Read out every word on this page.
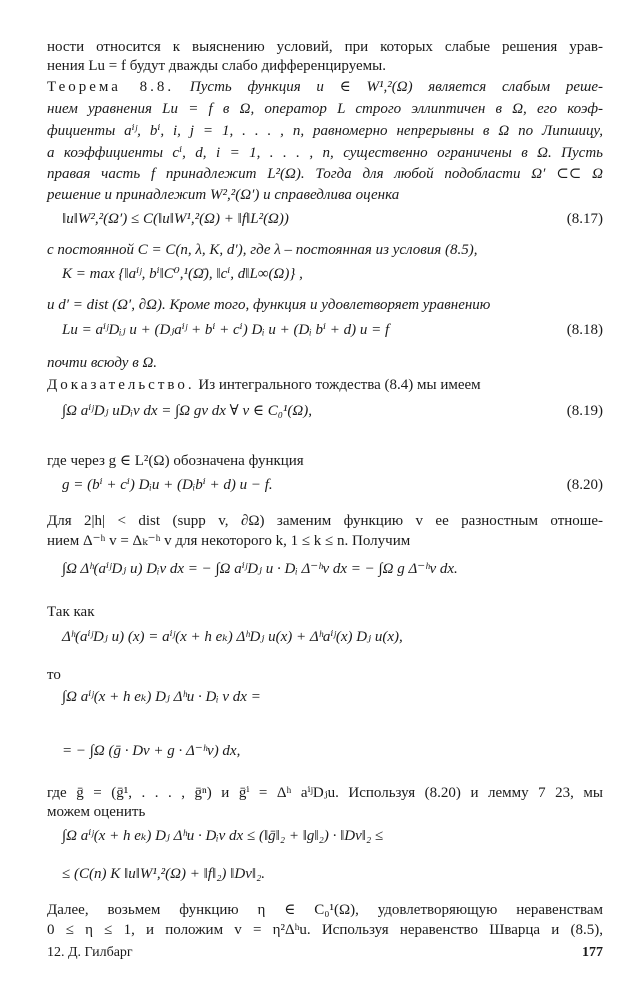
ности относится к выяснению условий, при которых слабые решения урав-
нения Lu = f будут дважды слабо дифференцируемы.
Теорема 8.8. Пусть функция u ∈ W¹,²(Ω) является слабым реше-
нием уравнения Lu = f в Ω, оператор L строго эллиптичен в Ω, его коэф-
фициенты aⁱʲ, bⁱ, i, j = 1, . . . , n, равномерно непрерывны в Ω по Липшицу,
а коэффициенты cⁱ, d, i = 1, . . . , n, существенно ограничены в Ω. Пусть
правая часть f принадлежит L²(Ω). Тогда для любой подобласти Ω′ ⊂⊂ Ω
решение u принадлежит W²,²(Ω′) и справедлива оценка
‖u‖W²,²(Ω′) ≤ C(‖u‖W¹,²(Ω) + ‖f‖L²(Ω))	(8.17)
с постоянной C = C(n, λ, K, d′), где λ – постоянная из условия (8.5),
K = max {‖aⁱʲ, bⁱ‖C⁰,¹(Ω̄), ‖cⁱ, d‖L∞(Ω)} ,
и d′ = dist (Ω′, ∂Ω). Кроме того, функция u удовлетворяет уравнению
Lu = aⁱʲDᵢⱼ u + (Dⱼaⁱʲ + bⁱ + cⁱ) Dᵢ u + (Dᵢ bⁱ + d) u = f	(8.18)
почти всюду в Ω.
Доказательство. Из интегрального тождества (8.4) мы имеем
∫Ω aⁱʲDⱼ uDᵢv dx = ∫Ω gv dx ∀ v ∈ C₀¹(Ω),	(8.19)
где через g ∈ L²(Ω) обозначена функция
g = (bⁱ + cⁱ) Dᵢu + (Dᵢbⁱ + d) u − f.	(8.20)
Для 2|h| < dist (supp v, ∂Ω) заменим функцию v ее разностным отноше-
нием Δ⁻ʰ v = Δₖ⁻ʰ v для некоторого k, 1 ≤ k ≤ n. Получим
∫Ω Δʰ(aⁱʲDⱼ u) Dᵢv dx = − ∫Ω aⁱʲDⱼ u · Dᵢ Δ⁻ʰv dx = − ∫Ω g Δ⁻ʰv dx.
Так как
Δʰ(aⁱʲDⱼ u) (x) = aⁱʲ(x + h eₖ) ΔʰDⱼ u(x) + Δʰaⁱʲ(x) Dⱼ u(x),
то
∫Ω aⁱʲ(x + h eₖ) Dⱼ Δʰu · Dᵢ v dx =
= − ∫Ω (ḡ · Dv + g · Δ⁻ʰv) dx,
где ḡ = (ḡ¹, . . . , ḡⁿ) и ḡⁱ = Δʰ aⁱʲDⱼu. Используя (8.20) и лемму 7 23, мы
можем оценить
∫Ω aⁱʲ(x + h eₖ) Dⱼ Δʰu · Dᵢv dx ≤ (‖ḡ‖₂ + ‖g‖₂) · ‖Dv‖₂ ≤
≤ (C(n) K ‖u‖W¹,²(Ω) + ‖f‖₂) ‖Dv‖₂.
Далее, возьмем функцию η ∈ C₀¹(Ω), удовлетворяющую неравенствам
0 ≤ η ≤ 1, и положим v = η²Δʰu. Используя неравенство Шварца и (8.5),
12. Д. Гилбарг	177
